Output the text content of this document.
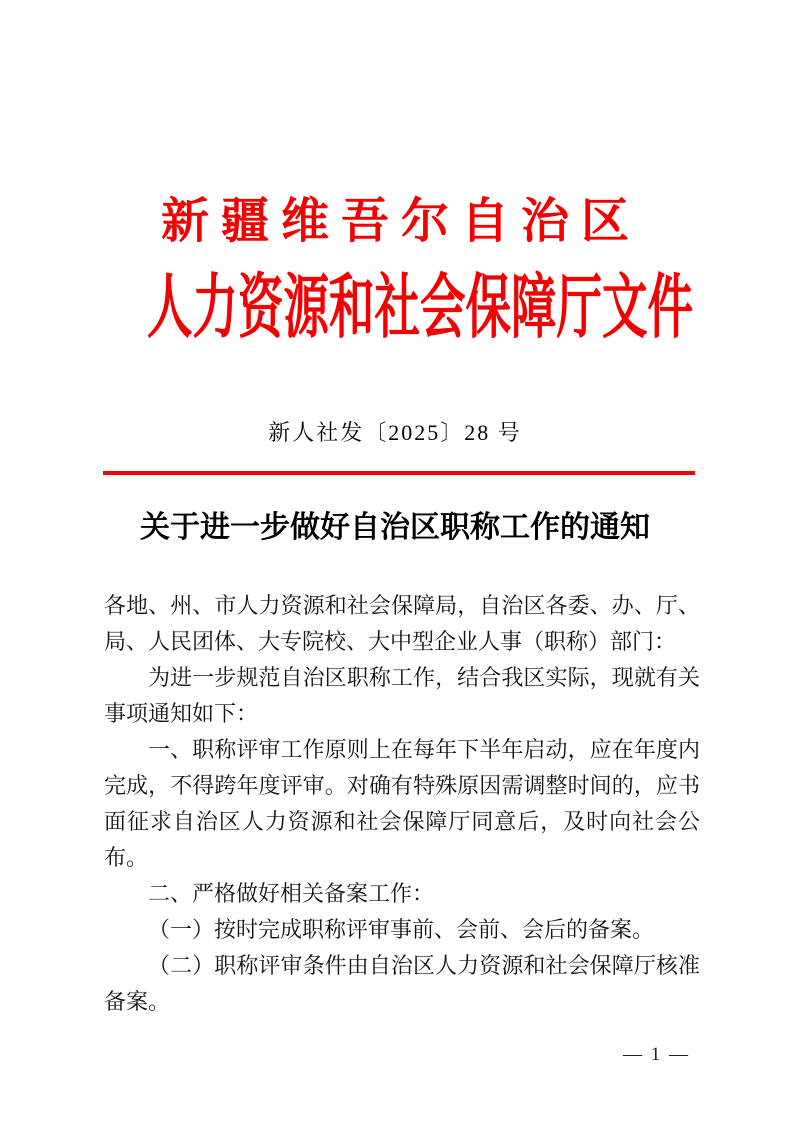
新疆维吾尔自治区
人力资源和社会保障厅文件
新人社发〔2025〕28 号
关于进一步做好自治区职称工作的通知

各地、州、市人力资源和社会保障局，自治区各委、办、厅、局、人民团体、大专院校、大中型企业人事（职称）部门：

为进一步规范自治区职称工作，结合我区实际，现就有关事项通知如下：

一、职称评审工作原则上在每年下半年启动，应在年度内完成，不得跨年度评审。对确有特殊原因需调整时间的，应书面征求自治区人力资源和社会保障厅同意后，及时向社会公布。

二、严格做好相关备案工作：

（一）按时完成职称评审事前、会前、会后的备案。

（二）职称评审条件由自治区人力资源和社会保障厅核准备案。

— 1 —
